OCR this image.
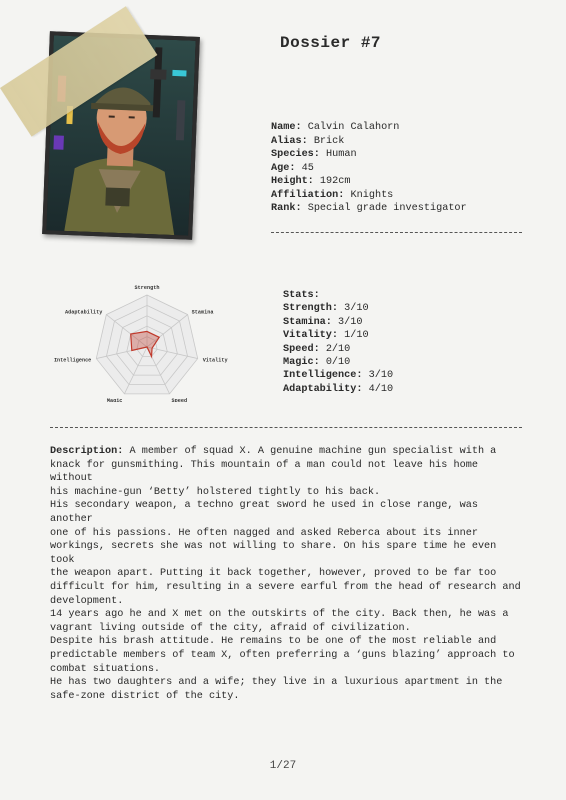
Dossier #7
Name: Calvin Calahorn
Alias: Brick
Species: Human
Age: 45
Height: 192cm
Affiliation: Knights
Rank: Special grade investigator
Strength
Stamina
Vitality
Speed
Magic
Intelligence
Adaptability
Stats:
Strength: 3/10
Stamina: 3/10
Vitality: 1/10
Speed: 2/10
Magic: 0/10
Intelligence: 3/10
Adaptability: 4/10
Description: A member of squad X. A genuine machine gun specialist with a
knack for gunsmithing. This mountain of a man could not leave his home without
his machine-gun ‘Betty’ holstered tightly to his back.
His secondary weapon, a techno great sword he used in close range, was another
one of his passions. He often nagged and asked Reberca about its inner
workings, secrets she was not willing to share. On his spare time he even took
the weapon apart. Putting it back together, however, proved to be far too
difficult for him, resulting in a severe earful from the head of research and
development.
14 years ago he and X met on the outskirts of the city. Back then, he was a
vagrant living outside of the city, afraid of civilization.
Despite his brash attitude. He remains to be one of the most reliable and
predictable members of team X, often preferring a ‘guns blazing’ approach to
combat situations.
He has two daughters and a wife; they live in a luxurious apartment in the
safe-zone district of the city.
1/27
